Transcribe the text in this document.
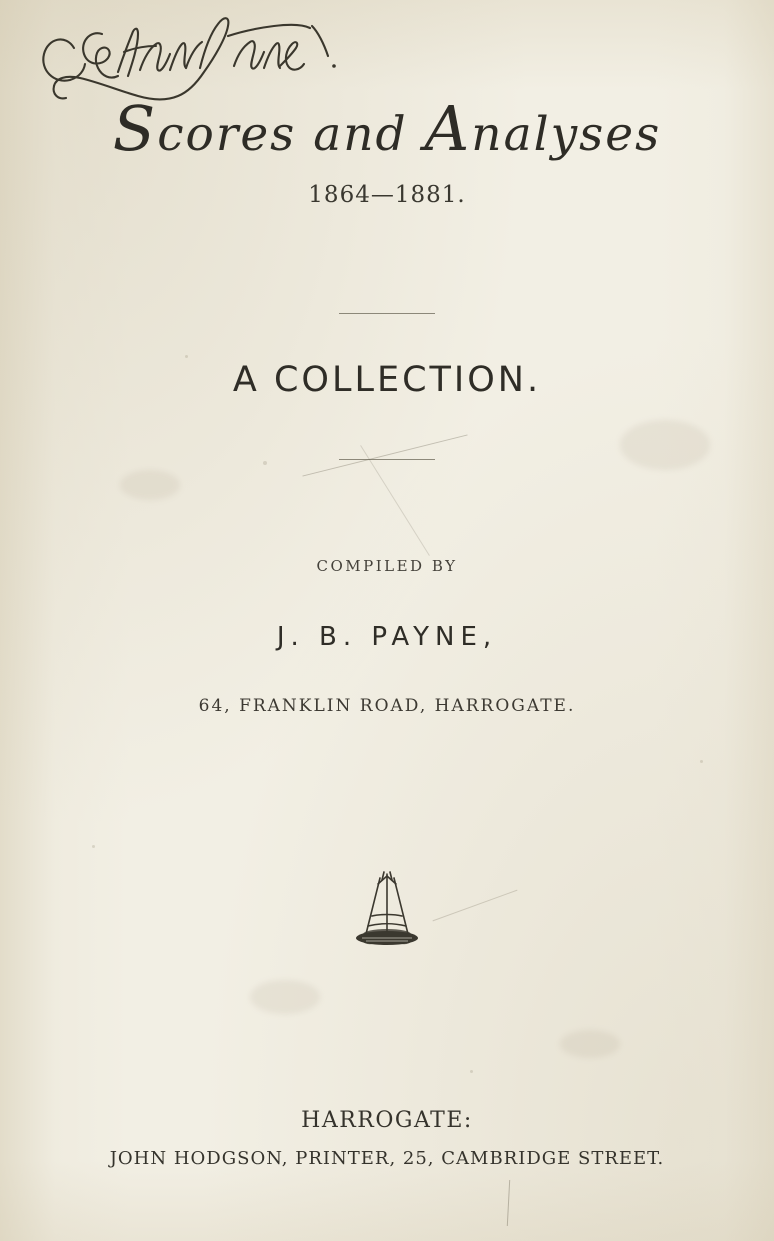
Scores and Analyses
1864—1881.
A COLLECTION.
COMPILED BY
J. B. PAYNE,
64, FRANKLIN ROAD, HARROGATE.
HARROGATE:
JOHN HODGSON, PRINTER, 25, CAMBRIDGE STREET.
